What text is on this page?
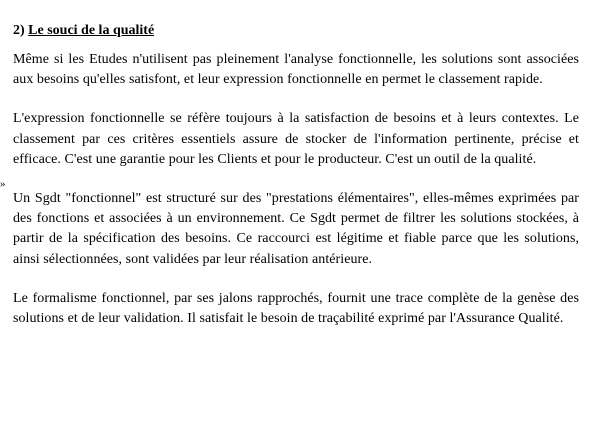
»
2) Le souci de la qualité

Même si les Etudes n'utilisent pas pleinement l'analyse fonctionnelle, les solutions sont associées aux besoins qu'elles satisfont, et leur expression fonctionnelle en permet le classement rapide.

L'expression fonctionnelle se réfère toujours à la satisfaction de besoins et à leurs contextes. Le classement par ces critères essentiels assure de stocker de l'information pertinente, précise et efficace. C'est une garantie pour les Clients et pour le producteur. C'est un outil de la qualité.

Un Sgdt "fonctionnel" est structuré sur des "prestations élémentaires", elles-mêmes exprimées par des fonctions et associées à un environnement. Ce Sgdt permet de filtrer les solutions stockées, à partir de la spécification des besoins. Ce raccourci est légitime et fiable parce que les solutions, ainsi sélectionnées, sont validées par leur réalisation antérieure.

Le formalisme fonctionnel, par ses jalons rapprochés, fournit une trace complète de la genèse des solutions et de leur validation. Il satisfait le besoin de traçabilité exprimé par l'Assurance Qualité.
